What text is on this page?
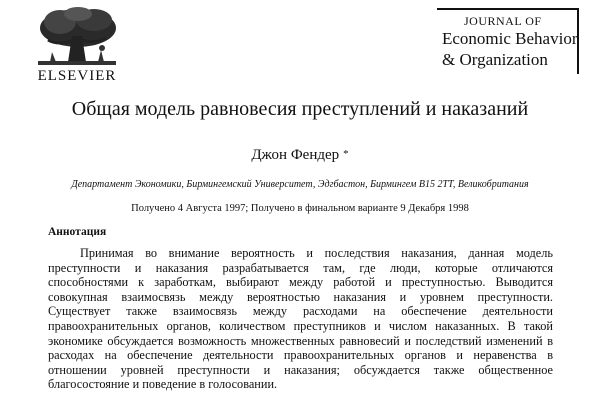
ELSEVIER
JOURNAL OF
Economic Behavior
& Organization
Общая модель равновесия преступлений и наказаний
Джон Фендер *
Департамент Экономики, Бирмингемский Университет, Эдгбастон, Бирмингем B15 2TT, Великобритания
Получено 4 Августа 1997; Получено в финальном варианте 9 Декабря 1998
Аннотация
Принимая во внимание вероятность и последствия наказания, данная модель
преступности и наказания разрабатывается там, где люди, которые отличаются
способностями к заработкам, выбирают между работой и преступностью. Выводится
совокупная взаимосвязь между вероятностью наказания и уровнем преступности.
Существует также взаимосвязь между расходами на обеспечение деятельности
правоохранительных органов, количеством преступников и числом наказанных. В такой
экономике обсуждается возможность множественных равновесий и последствий изменений в
расходах на обеспечение деятельности правоохранительных органов и неравенства в
отношении уровней преступности и наказания; обсуждается также общественное
благосостояние и поведение в голосовании.
